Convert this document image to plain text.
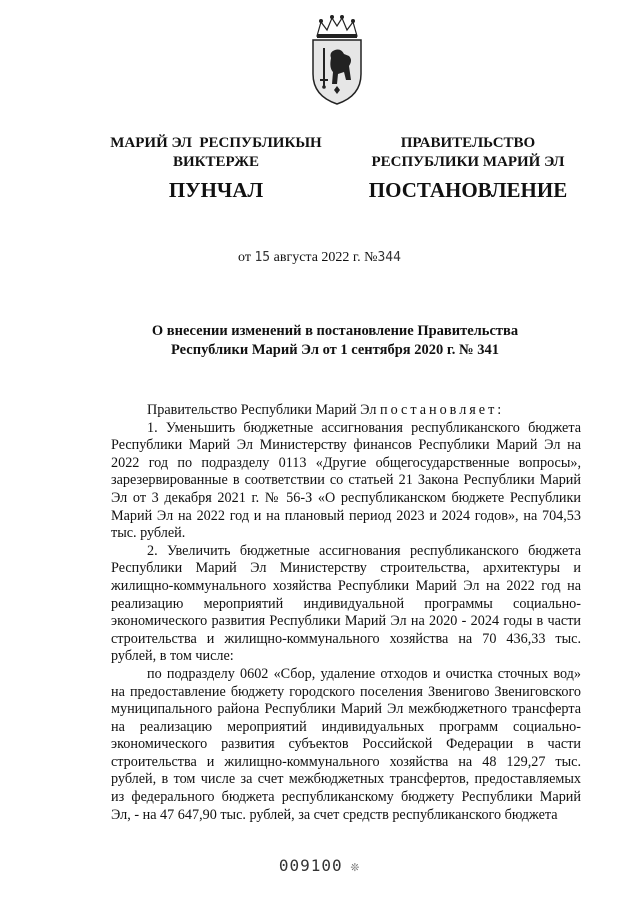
МАРИЙ ЭЛ  РЕСПУБЛИКЫН
ВИКТЕРЖЕ
ПРАВИТЕЛЬСТВО
РЕСПУБЛИКИ МАРИЙ ЭЛ
ПУНЧАЛ	ПОСТАНОВЛЕНИЕ
от 15 августа 2022 г. №344
О внесении изменений в постановление Правительства
Республики Марий Эл от 1 сентября 2020 г. № 341

Правительство Республики Марий Эл постановляет:

1. Уменьшить бюджетные ассигнования республиканского бюджета Республики Марий Эл Министерству финансов Республики Марий Эл на 2022 год по подразделу 0113 «Другие общегосударственные вопросы», зарезервированные в соответствии со статьей 21 Закона Республики Марий Эл от 3 декабря 2021 г. № 56-З «О республиканском бюджете Республики Марий Эл на 2022 год и на плановый период 2023 и 2024 годов», на 704,53 тыс. рублей.

2. Увеличить бюджетные ассигнования республиканского бюджета Республики Марий Эл Министерству строительства, архитектуры и жилищно-коммунального хозяйства Республики Марий Эл на 2022 год на реализацию мероприятий индивидуальной программы социально-экономического развития Республики Марий Эл на 2020 - 2024 годы в части строительства и жилищно-коммунального хозяйства на 70 436,33 тыс. рублей, в том числе:

по подразделу 0602 «Сбор, удаление отходов и очистка сточных вод» на предоставление бюджету городского поселения Звенигово Звениговского муниципального района Республики Марий Эл межбюджетного трансферта на реализацию мероприятий индивидуальных программ социально-экономического развития субъектов Российской Федерации в части строительства и жилищно-коммунального хозяйства на 48 129,27 тыс. рублей, в том числе за счет межбюджетных трансфертов, предоставляемых из федерального бюджета республиканскому бюджету Республики Марий Эл, - на 47 647,90 тыс. рублей, за счет средств республиканского бюджета

009100 ❊
